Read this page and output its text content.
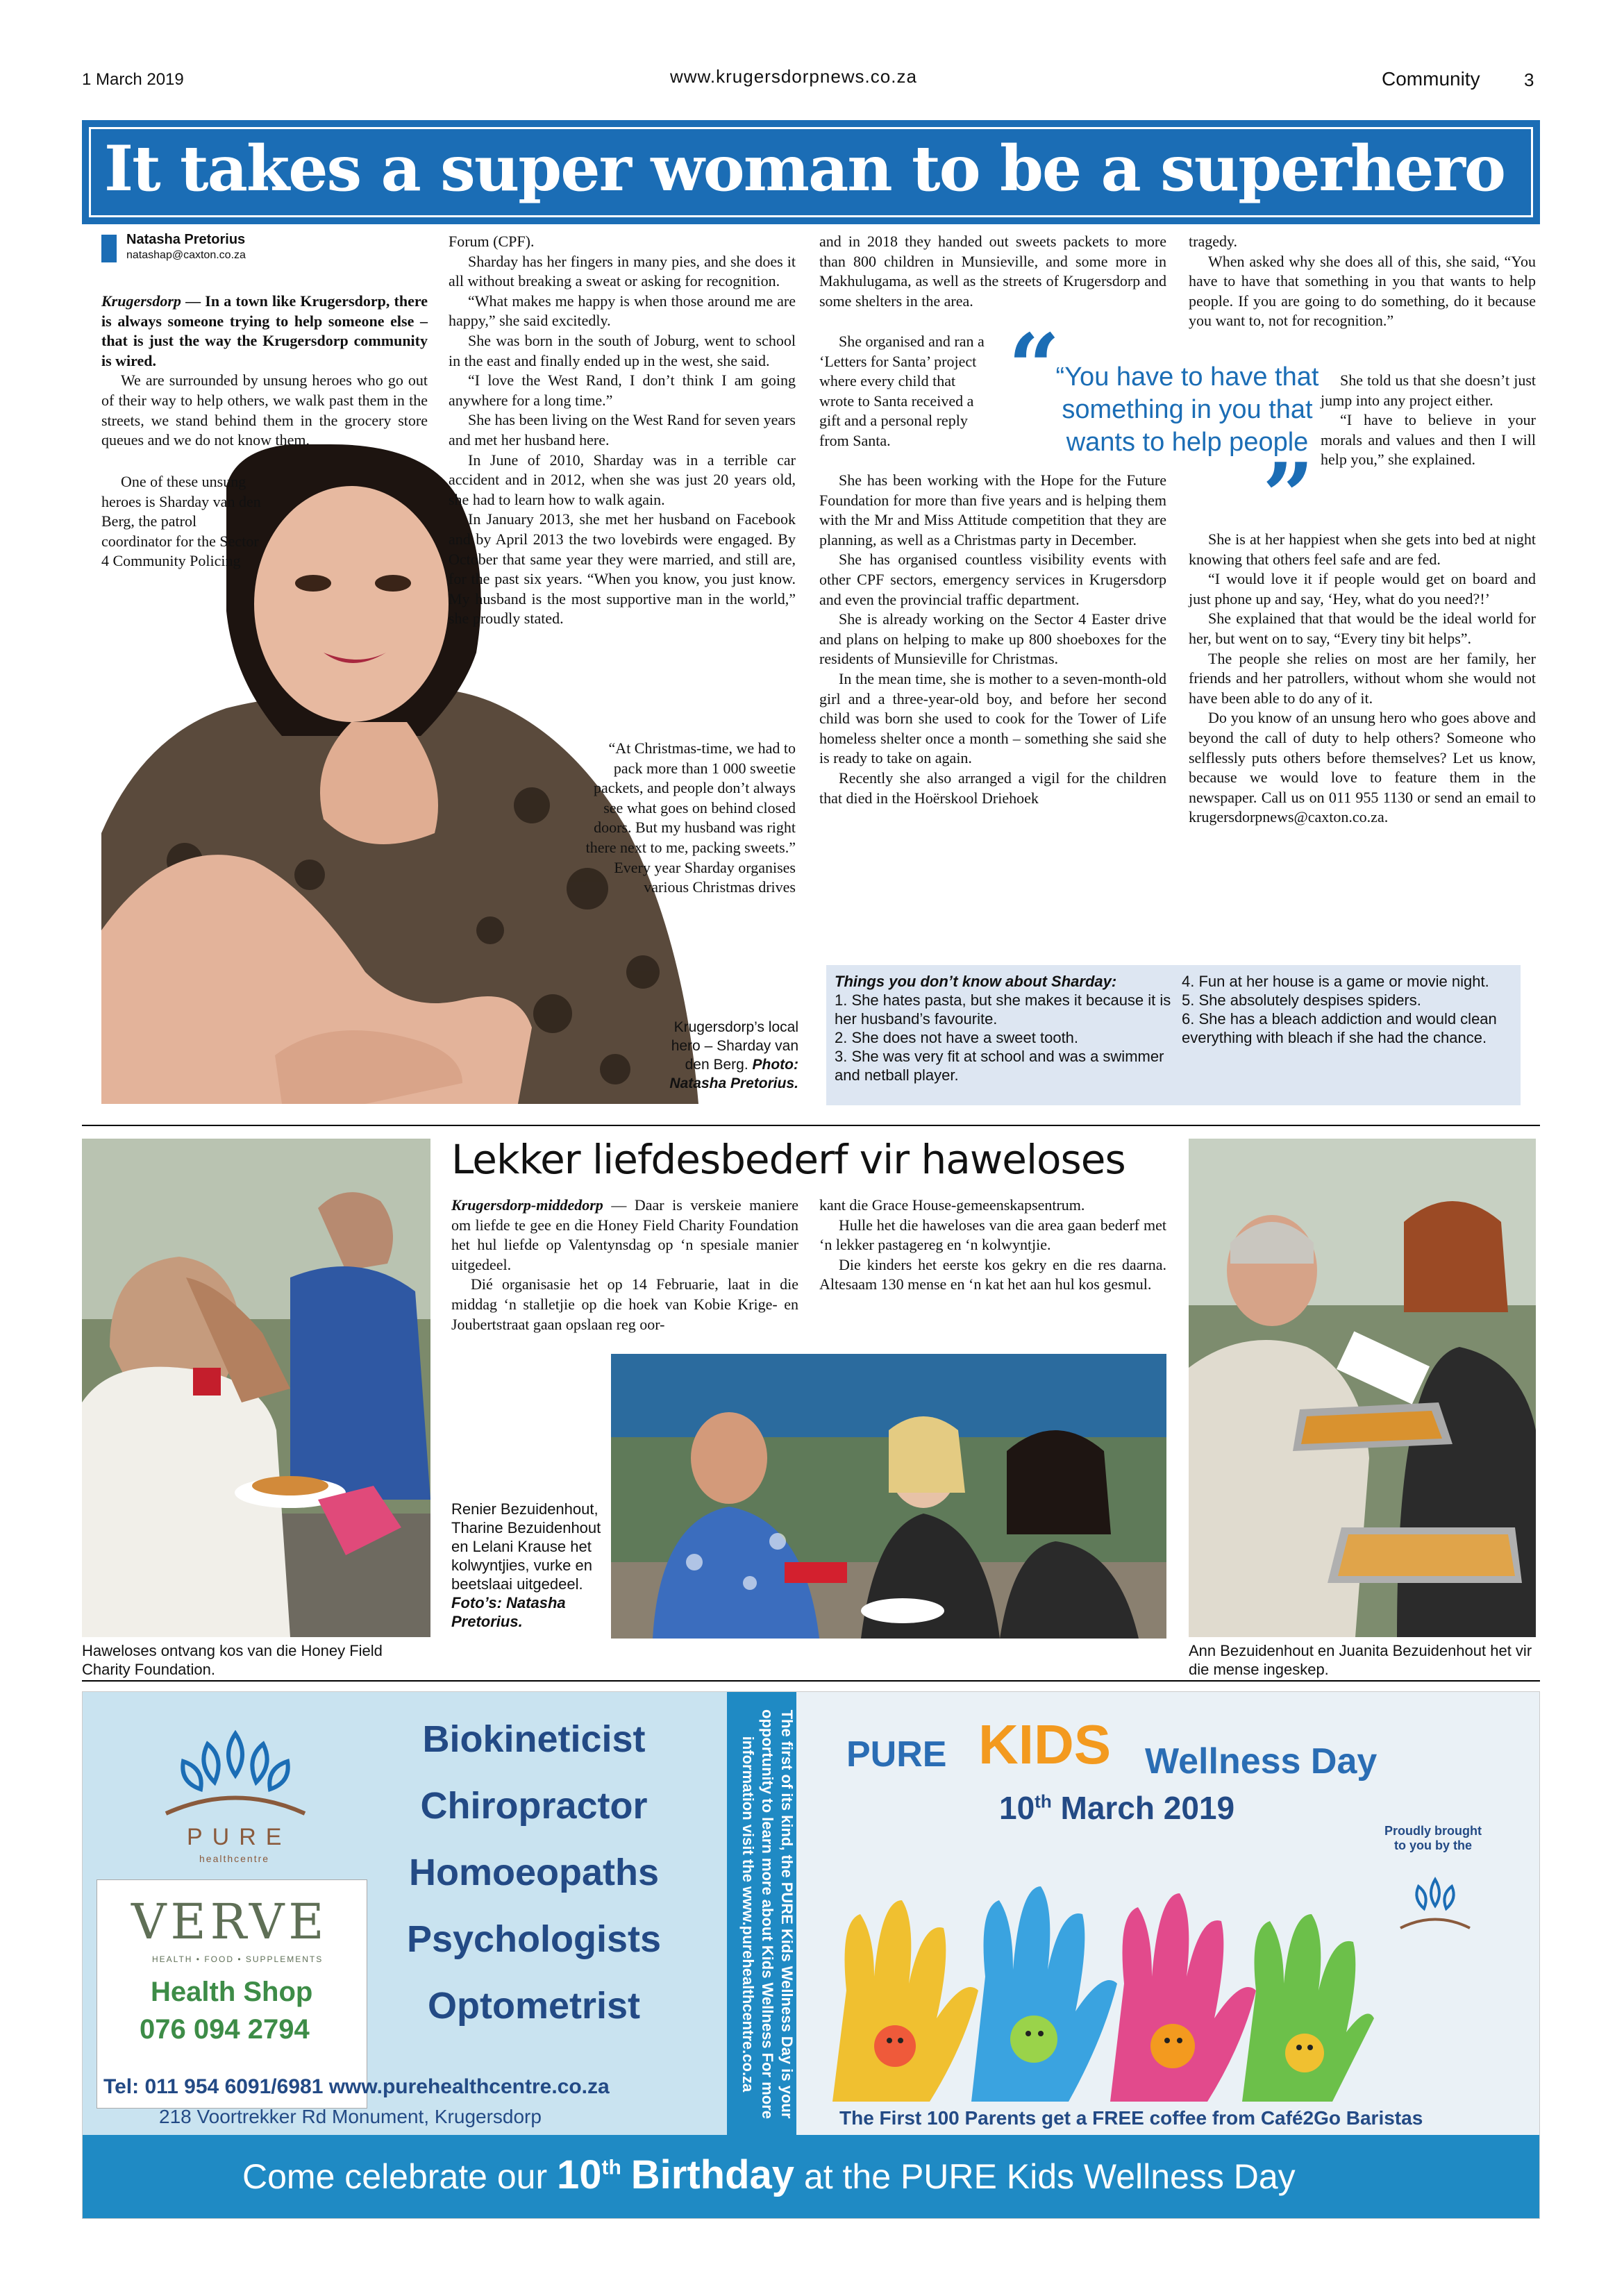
1 March 2019	www.krugersdorpnews.co.za	Community 3
It takes a super woman to be a superhero
Natasha Pretorius
natashap@caxton.co.za

Krugersdorp — In a town like Krugersdorp, there is always someone trying to help someone else – that is just the way the Krugersdorp community is wired.

We are surrounded by unsung heroes who go out of their way to help others, we walk past them in the streets, we stand behind them in the grocery store queues and we do not know them.

One of these unsung heroes is Sharday van den Berg, the patrol coordinator for the Sector 4 Community Policing

Forum (CPF).

Sharday has her fingers in many pies, and she does it all without breaking a sweat or asking for recognition.

“What makes me happy is when those around me are happy,” she said excitedly.

She was born in the south of Joburg, went to school in the east and finally ended up in the west, she said.

“I love the West Rand, I don’t think I am going anywhere for a long time.”

She has been living on the West Rand for seven years and met her husband here.

In June of 2010, Sharday was in a terrible car accident and in 2012, when she was just 20 years old, she had to learn how to walk again.

In January 2013, she met her husband on Facebook and by April 2013 the two lovebirds were engaged. By October that same year they were married, and still are, for the past six years. “When you know, you just know. My husband is the most supportive man in the world,” she proudly stated.

“At Christmas-time, we had to pack more than 1 000 sweetie packets, and people don’t always see what goes on behind closed doors. But my husband was right there next to me, packing sweets.”

Every year Sharday organises various Christmas drives

Krugersdorp’s local hero – Sharday van den Berg. Photo: Natasha Pretorius.

and in 2018 they handed out sweets packets to more than 800 children in Munsieville, and some more in Makhulugama, as well as the streets of Krugersdorp and some shelters in the area.

She organised and ran a ‘Letters for Santa’ project where every child that wrote to Santa received a gift and a personal reply from Santa.

She has been working with the Hope for the Future Foundation for more than five years and is helping them with the Mr and Miss Attitude competition that they are planning, as well as a Christmas party in December.

She has organised countless visibility events with other CPF sectors, emergency services in Krugersdorp and even the provincial traffic department.

She is already working on the Sector 4 Easter drive and plans on helping to make up 800 shoeboxes for the residents of Munsieville for Christmas.

In the mean time, she is mother to a seven-month-old girl and a three-year-old boy, and before her second child was born she used to cook for the Tower of Life homeless shelter once a month – something she said she is ready to take on again.

Recently she also arranged a vigil for the children that died in the Hoërskool Driehoek

“
“You have to have that something in you that wants to help people
”

tragedy.

When asked why she does all of this, she said, “You have to have that something in you that wants to help people. If you are going to do something, do it because you want to, not for recognition.”

She told us that she doesn’t just jump into any project either.

“I have to believe in your morals and values and then I will help you,” she explained.

She is at her happiest when she gets into bed at night knowing that others feel safe and are fed.

“I would love it if people would get on board and just phone up and say, ‘Hey, what do you need?!’

She explained that that would be the ideal world for her, but went on to say, “Every tiny bit helps”.

The people she relies on most are her family, her friends and her patrollers, without whom she would not have been able to do any of it.

Do you know of an unsung hero who goes above and beyond the call of duty to help others? Someone who selflessly puts others before themselves? Let us know, because we would love to feature them in the newspaper. Call us on 011 955 1130 or send an email to krugersdorpnews@caxton.co.za.

Things you don’t know about Sharday:
1. She hates pasta, but she makes it because it is her husband’s favourite.
2. She does not have a sweet tooth.
3. She was very fit at school and was a swimmer and netball player.
4. Fun at her house is a game or movie night.
5. She absolutely despises spiders.
6. She has a bleach addiction and would clean everything with bleach if she had the chance.
Haweloses ontvang kos van die Honey Field Charity Foundation.
Lekker liefdesbederf vir haweloses

Krugersdorp-middedorp — Daar is verskeie maniere om liefde te gee en die Honey Field Charity Foundation het hul liefde op Valentynsdag op ‘n spesiale manier uitgedeel.

Dié organisasie het op 14 Februarie, laat in die middag ‘n stalletjie op die hoek van Kobie Krige- en Joubertstraat gaan opslaan reg oor-

kant die Grace House-gemeenskapsentrum.

Hulle het die haweloses van die area gaan bederf met ‘n lekker pastagereg en ‘n kolwyntjie.

Die kinders het eerste kos gekry en die res daarna. Altesaam 130 mense en ‘n kat het aan hul kos gesmul.

Renier Bezuidenhout, Tharine Bezuidenhout en Lelani Krause het kolwyntjies, vurke en beetslaai uitgedeel. Foto’s: Natasha Pretorius.
Ann Bezuidenhout en Juanita Bezuidenhout het vir die mense ingeskep.
PURE
healthcentre
VERVE
HEALTH • FOOD • SUPPLEMENTS
Health Shop
076 094 2794
Biokineticist
Chiropractor
Homoeopaths
Psychologists
Optometrist
Tel: 011 954 6091/6981 www.purehealthcentre.co.za
218 Voortrekker Rd Monument, Krugersdorp	The first of its kind, the PURE Kids Wellness Day is your opportunity to learn more about Kids Wellness For more information visit the www.purehealthcentre.co.za	PURE KIDS Wellness Day
10th March 2019
Proudly brought to you by the
The First 100 Parents get a FREE coffee from Café2Go Baristas
Come celebrate our 10th Birthday at the PURE Kids Wellness Day
